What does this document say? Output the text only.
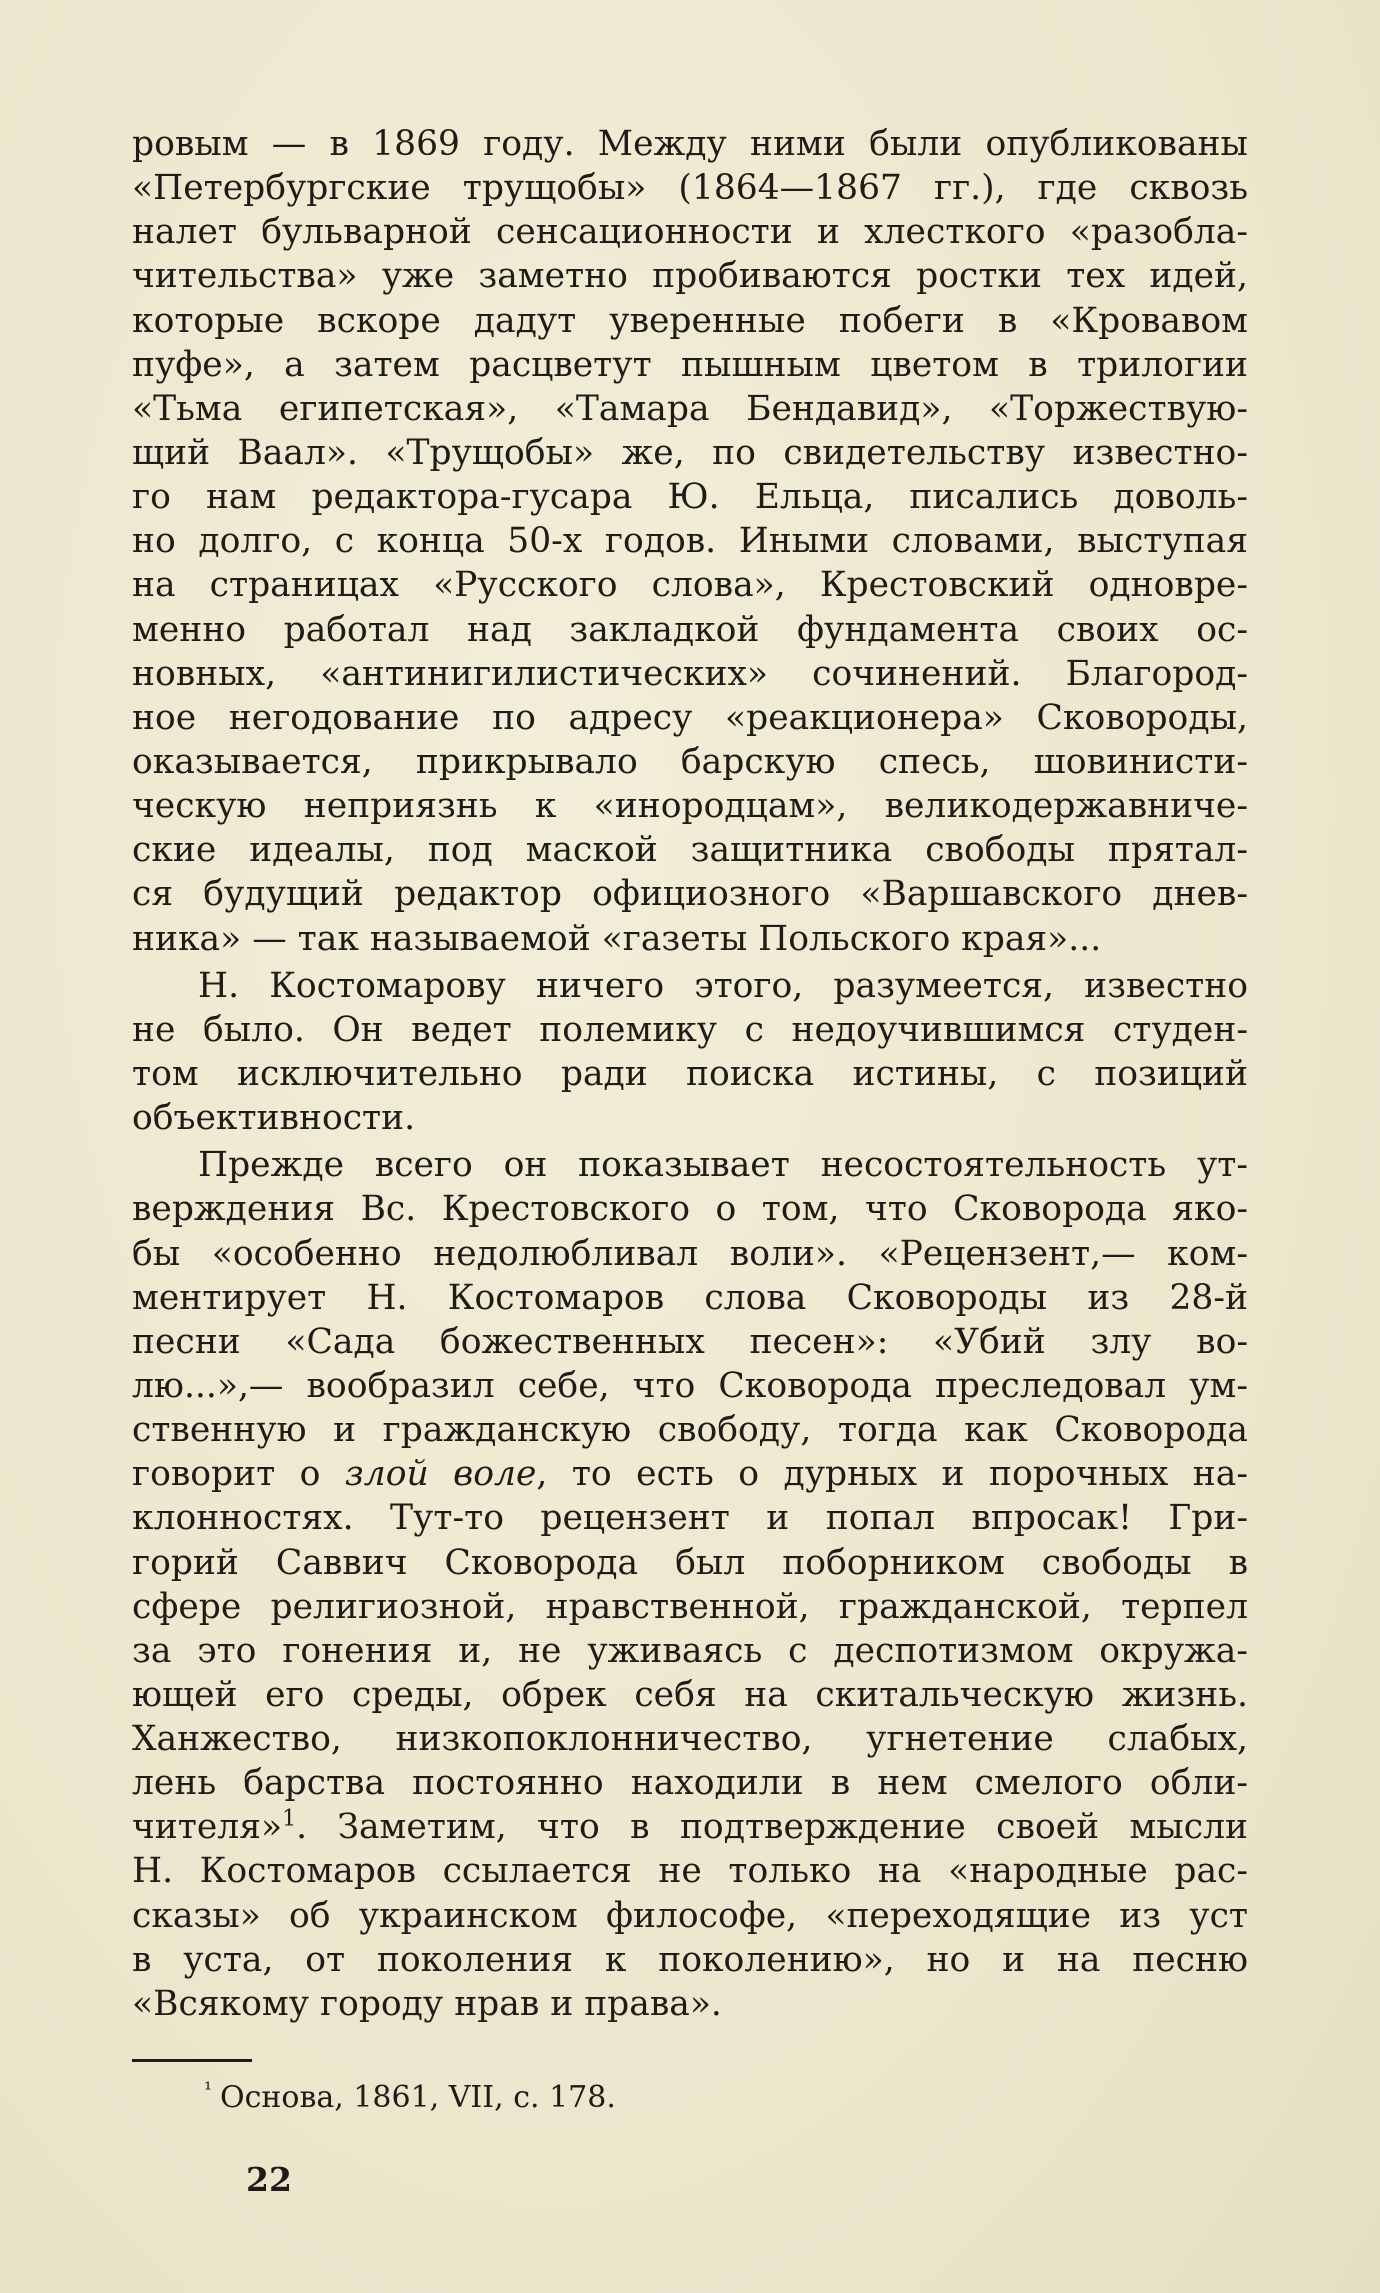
ровым — в 1869 году. Между ними были опубликованы
«Петербургские трущобы» (1864—1867 гг.), где сквозь
налет бульварной сенсационности и хлесткого «разобла-
чительства» уже заметно пробиваются ростки тех идей,
которые вскоре дадут уверенные побеги в «Кровавом
пуфе», а затем расцветут пышным цветом в трилогии
«Тьма египетская», «Тамара Бендавид», «Торжествую-
щий Ваал». «Трущобы» же, по свидетельству известно-
го нам редактора-гусара Ю. Ельца, писались доволь-
но долго, с конца 50-х годов. Иными словами, выступая
на страницах «Русского слова», Крестовский одновре-
менно работал над закладкой фундамента своих ос-
новных, «антинигилистических» сочинений. Благород-
ное негодование по адресу «реакционера» Сковороды,
оказывается, прикрывало барскую спесь, шовинисти-
ческую неприязнь к «инородцам», великодержавниче-
ские идеалы, под маской защитника свободы прятал-
ся будущий редактор официозного «Варшавского днев-
ника» — так называемой «газеты Польского края»...
Н. Костомарову ничего этого, разумеется, известно
не было. Он ведет полемику с недоучившимся студен-
том исключительно ради поиска истины, с позиций
объективности.
Прежде всего он показывает несостоятельность ут-
верждения Вс. Крестовского о том, что Сковорода яко-
бы «особенно недолюбливал воли». «Рецензент,— ком-
ментирует Н. Костомаров слова Сковороды из 28-й
песни «Сада божественных песен»: «Убий злу во-
лю...»,— вообразил себе, что Сковорода преследовал ум-
ственную и гражданскую свободу, тогда как Сковорода
говорит о злой воле, то есть о дурных и порочных на-
клонностях. Тут-то рецензент и попал впросак! Гри-
горий Саввич Сковорода был поборником свободы в
сфере религиозной, нравственной, гражданской, терпел
за это гонения и, не уживаясь с деспотизмом окружа-
ющей его среды, обрек себя на скитальческую жизнь.
Ханжество, низкопоклонничество, угнетение слабых,
лень барства постоянно находили в нем смелого обли-
чителя»$^1$. Заметим, что в подтверждение своей мысли
Н. Костомаров ссылается не только на «народные рас-
сказы» об украинском философе, «переходящие из уст
в уста, от поколения к поколению», но и на песню
«Всякому городу нрав и права».
$^{^1}$ Основа, 1861, VII, с. 178.
22
